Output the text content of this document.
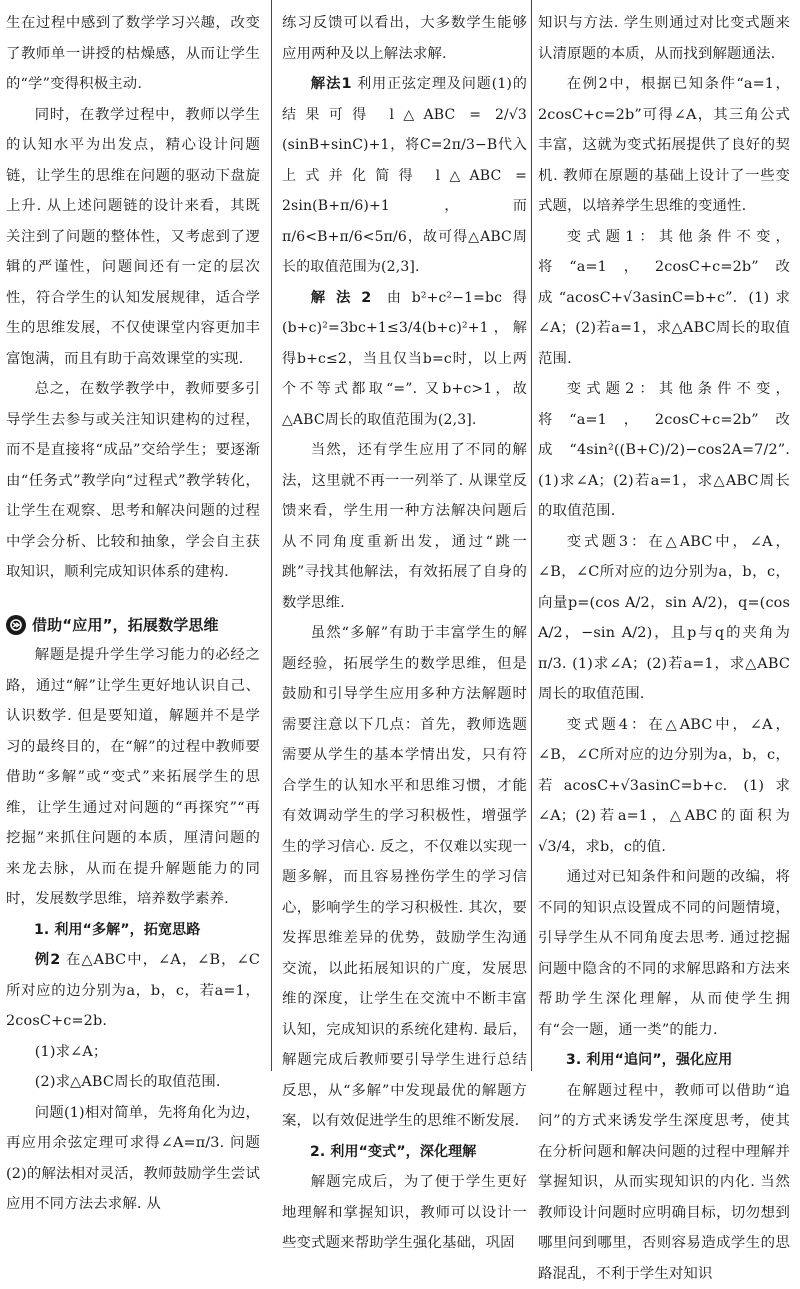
生在过程中感到了数学学习兴趣，改变了教师单一讲授的枯燥感，从而让学生的“学”变得积极主动.

同时，在教学过程中，教师以学生的认知水平为出发点，精心设计问题链，让学生的思维在问题的驱动下盘旋上升. 从上述问题链的设计来看，其既关注到了问题的整体性，又考虑到了逻辑的严谨性，问题间还有一定的层次性，符合学生的认知发展规律，适合学生的思维发展，不仅使课堂内容更加丰富饱满，而且有助于高效课堂的实现.

总之，在数学教学中，教师要多引导学生去参与或关注知识建构的过程，而不是直接将“成品”交给学生；要逐渐由“任务式”教学向“过程式”教学转化，让学生在观察、思考和解决问题的过程中学会分析、比较和抽象，学会自主获取知识，顺利完成知识体系的建构.

借助“应用”，拓展数学思维

解题是提升学生学习能力的必经之路，通过“解”让学生更好地认识自己、认识数学. 但是要知道，解题并不是学习的最终目的，在“解”的过程中教师要借助“多解”或“变式”来拓展学生的思维，让学生通过对问题的“再探究”“再挖掘”来抓住问题的本质，厘清问题的来龙去脉，从而在提升解题能力的同时，发展数学思维，培养数学素养.

1. 利用“多解”，拓宽思路

例2 在△ABC中，∠A，∠B，∠C所对应的边分别为a，b，c，若a=1，2cosC+c=2b.

(1)求∠A；

(2)求△ABC周长的取值范围.

问题(1)相对简单，先将角化为边，再应用余弦定理可求得∠A=π/3. 问题(2)的解法相对灵活，教师鼓励学生尝试应用不同方法去求解. 从

练习反馈可以看出，大多数学生能够应用两种及以上解法求解.

解法1 利用正弦定理及问题(1)的结果可得 l△ABC = 2/√3 (sinB+sinC)+1，将C=2π/3−B代入上式并化简得 l△ABC = 2sin(B+π/6)+1，而 π/6<B+π/6<5π/6，故可得△ABC周长的取值范围为(2,3].

解法2 由b²+c²−1=bc得(b+c)²=3bc+1≤3/4(b+c)²+1，解得b+c≤2，当且仅当b=c时，以上两个不等式都取“=”. 又b+c>1，故△ABC周长的取值范围为(2,3].

当然，还有学生应用了不同的解法，这里就不再一一列举了. 从课堂反馈来看，学生用一种方法解决问题后从不同角度重新出发，通过“跳一跳”寻找其他解法，有效拓展了自身的数学思维.

虽然“多解”有助于丰富学生的解题经验，拓展学生的数学思维，但是鼓励和引导学生应用多种方法解题时需要注意以下几点：首先，教师选题需要从学生的基本学情出发，只有符合学生的认知水平和思维习惯，才能有效调动学生的学习积极性，增强学生的学习信心. 反之，不仅难以实现一题多解，而且容易挫伤学生的学习信心，影响学生的学习积极性. 其次，要发挥思维差异的优势，鼓励学生沟通交流，以此拓展知识的广度，发展思维的深度，让学生在交流中不断丰富认知，完成知识的系统化建构. 最后，解题完成后教师要引导学生进行总结反思，从“多解”中发现最优的解题方案，以有效促进学生的思维不断发展.

2. 利用“变式”，深化理解

解题完成后，为了便于学生更好地理解和掌握知识，教师可以设计一些变式题来帮助学生强化基础，巩固

知识与方法. 学生则通过对比变式题来认清原题的本质，从而找到解题通法.

在例2中，根据已知条件“a=1，2cosC+c=2b”可得∠A，其三角公式丰富，这就为变式拓展提供了良好的契机. 教师在原题的基础上设计了一些变式题，以培养学生思维的变通性.

变式题1：其他条件不变，将“a=1，2cosC+c=2b”改成“acosC+√3asinC=b+c”. (1)求∠A；(2)若a=1，求△ABC周长的取值范围.

变式题2：其他条件不变，将“a=1，2cosC+c=2b”改成“4sin²((B+C)/2)−cos2A=7/2”. (1)求∠A；(2)若a=1，求△ABC周长的取值范围.

变式题3：在△ABC中，∠A，∠B，∠C所对应的边分别为a，b，c，向量p=(cos A/2，sin A/2)，q=(cos A/2，−sin A/2)，且p与q的夹角为π/3. (1)求∠A；(2)若a=1，求△ABC周长的取值范围.

变式题4：在△ABC中，∠A，∠B，∠C所对应的边分别为a，b，c，若acosC+√3asinC=b+c. (1)求∠A；(2)若a=1，△ABC的面积为√3/4，求b，c的值.

通过对已知条件和问题的改编，将不同的知识点设置成不同的问题情境，引导学生从不同角度去思考. 通过挖掘问题中隐含的不同的求解思路和方法来帮助学生深化理解，从而使学生拥有“会一题，通一类”的能力.

3. 利用“追问”，强化应用

在解题过程中，教师可以借助“追问”的方式来诱发学生深度思考，使其在分析问题和解决问题的过程中理解并掌握知识，从而实现知识的内化. 当然教师设计问题时应明确目标，切勿想到哪里问到哪里，否则容易造成学生的思路混乱，不利于学生对知识
